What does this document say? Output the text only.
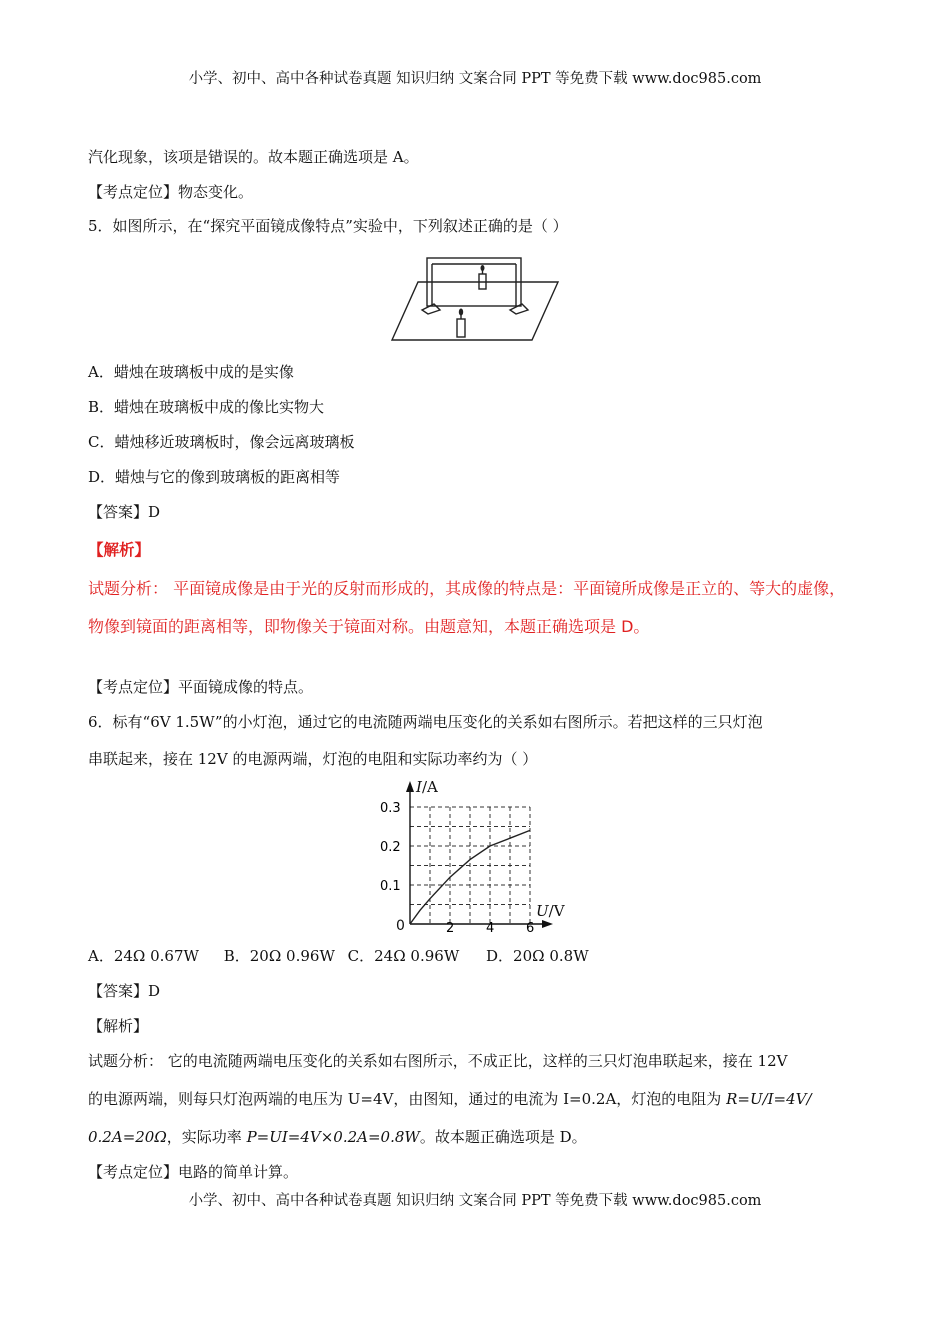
小学、初中、高中各种试卷真题 知识归纳 文案合同 PPT 等免费下载 www.doc985.com
汽化现象，该项是错误的。故本题正确选项是 A。
【考点定位】物态变化。
5．如图所示，在“探究平面镜成像特点”实验中，下列叙述正确的是（ ）
A．蜡烛在玻璃板中成的是实像
B．蜡烛在玻璃板中成的像比实物大
C．蜡烛移近玻璃板时，像会远离玻璃板
D．蜡烛与它的像到玻璃板的距离相等
【答案】D
【解析】
试题分析： 平面镜成像是由于光的反射而形成的，其成像的特点是：平面镜所成像是正立的、等大的虚像，
物像到镜面的距离相等，即物像关于镜面对称。由题意知，本题正确选项是 D。
【考点定位】平面镜成像的特点。
6．标有“6V 1.5W”的小灯泡，通过它的电流随两端电压变化的关系如右图所示。若把这样的三只灯泡
串联起来，接在 12V 的电源两端，灯泡的电阻和实际功率约为（ ）
I/A
U/V
0	2 4 6
0.1
0.2
0.3
A．24Ω 0.67W B．20Ω 0.96W C．24Ω 0.96W D．20Ω 0.8W
【答案】D
【解析】
试题分析： 它的电流随两端电压变化的关系如右图所示，不成正比，这样的三只灯泡串联起来，接在 12V
的电源两端，则每只灯泡两端的电压为 U=4V，由图知，通过的电流为 I=0.2A，灯泡的电阻为 R=U/I=4V/
0.2A=20Ω，实际功率 P=UI=4V×0.2A=0.8W。故本题正确选项是 D。
【考点定位】电路的简单计算。
小学、初中、高中各种试卷真题 知识归纳 文案合同 PPT 等免费下载 www.doc985.com
